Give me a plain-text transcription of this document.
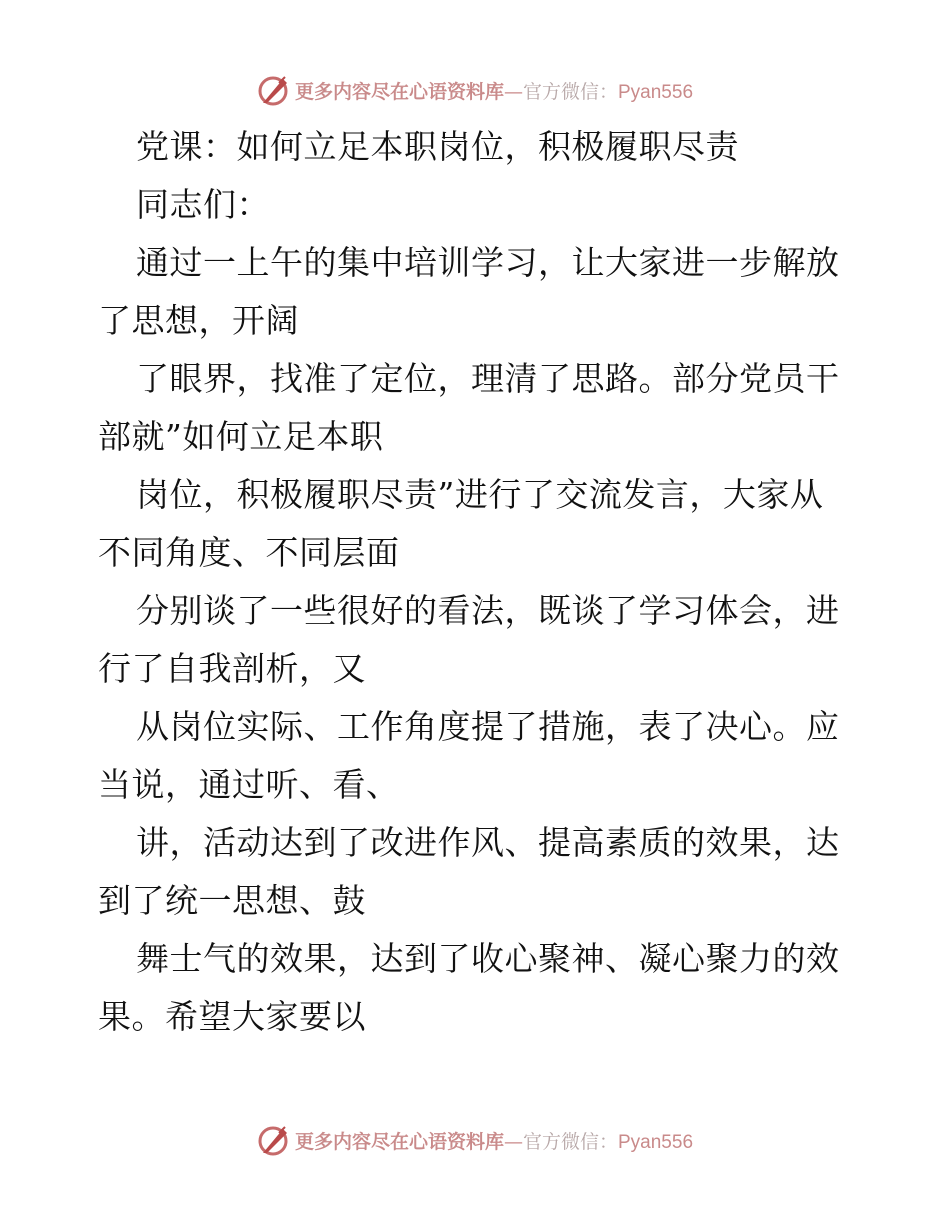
更多内容尽在心语资料库—官方微信：Pyan556
党课：如何立足本职岗位，积极履职尽责
同志们：
通过一上午的集中培训学习，让大家进一步解放
了思想，开阔
了眼界，找准了定位，理清了思路。部分党员干
部就”如何立足本职
岗位，积极履职尽责”进行了交流发言，大家从
不同角度、不同层面
分别谈了一些很好的看法，既谈了学习体会，进
行了自我剖析，又
从岗位实际、工作角度提了措施，表了决心。应
当说，通过听、看、
讲，活动达到了改进作风、提高素质的效果，达
到了统一思想、鼓
舞士气的效果，达到了收心聚神、凝心聚力的效
果。希望大家要以
更多内容尽在心语资料库—官方微信：Pyan556
